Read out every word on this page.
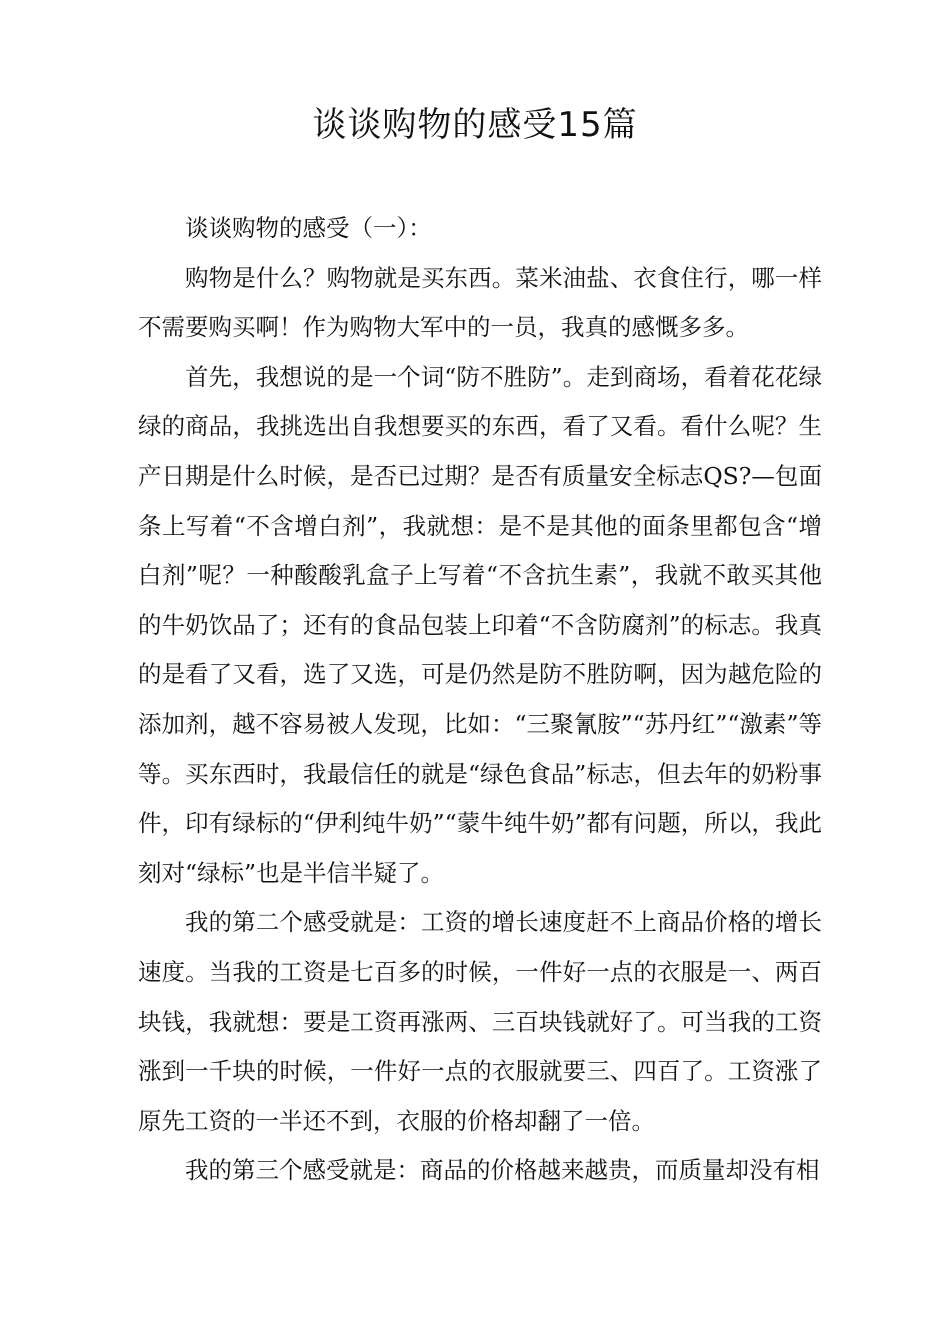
谈谈购物的感受15篇

谈谈购物的感受（一）：

购物是什么？购物就是买东西。菜米油盐、衣食住行，哪一样不需要购买啊！作为购物大军中的一员，我真的感慨多多。

首先，我想说的是一个词“防不胜防”。走到商场，看着花花绿绿的商品，我挑选出自我想要买的东西，看了又看。看什么呢？生产日期是什么时候，是否已过期？是否有质量安全标志QS?—包面条上写着“不含增白剂”，我就想：是不是其他的面条里都包含“增白剂”呢？一种酸酸乳盒子上写着“不含抗生素”，我就不敢买其他的牛奶饮品了；还有的食品包装上印着“不含防腐剂”的标志。我真的是看了又看，选了又选，可是仍然是防不胜防啊，因为越危险的添加剂，越不容易被人发现，比如：“三聚氰胺”“苏丹红”“激素”等等。买东西时，我最信任的就是“绿色食品”标志，但去年的奶粉事件，印有绿标的“伊利纯牛奶”“蒙牛纯牛奶”都有问题，所以，我此刻对“绿标”也是半信半疑了。

我的第二个感受就是：工资的增长速度赶不上商品价格的增长速度。当我的工资是七百多的时候，一件好一点的衣服是一、两百块钱，我就想：要是工资再涨两、三百块钱就好了。可当我的工资涨到一千块的时候，一件好一点的衣服就要三、四百了。工资涨了原先工资的一半还不到，衣服的价格却翻了一倍。

我的第三个感受就是：商品的价格越来越贵，而质量却没有相
